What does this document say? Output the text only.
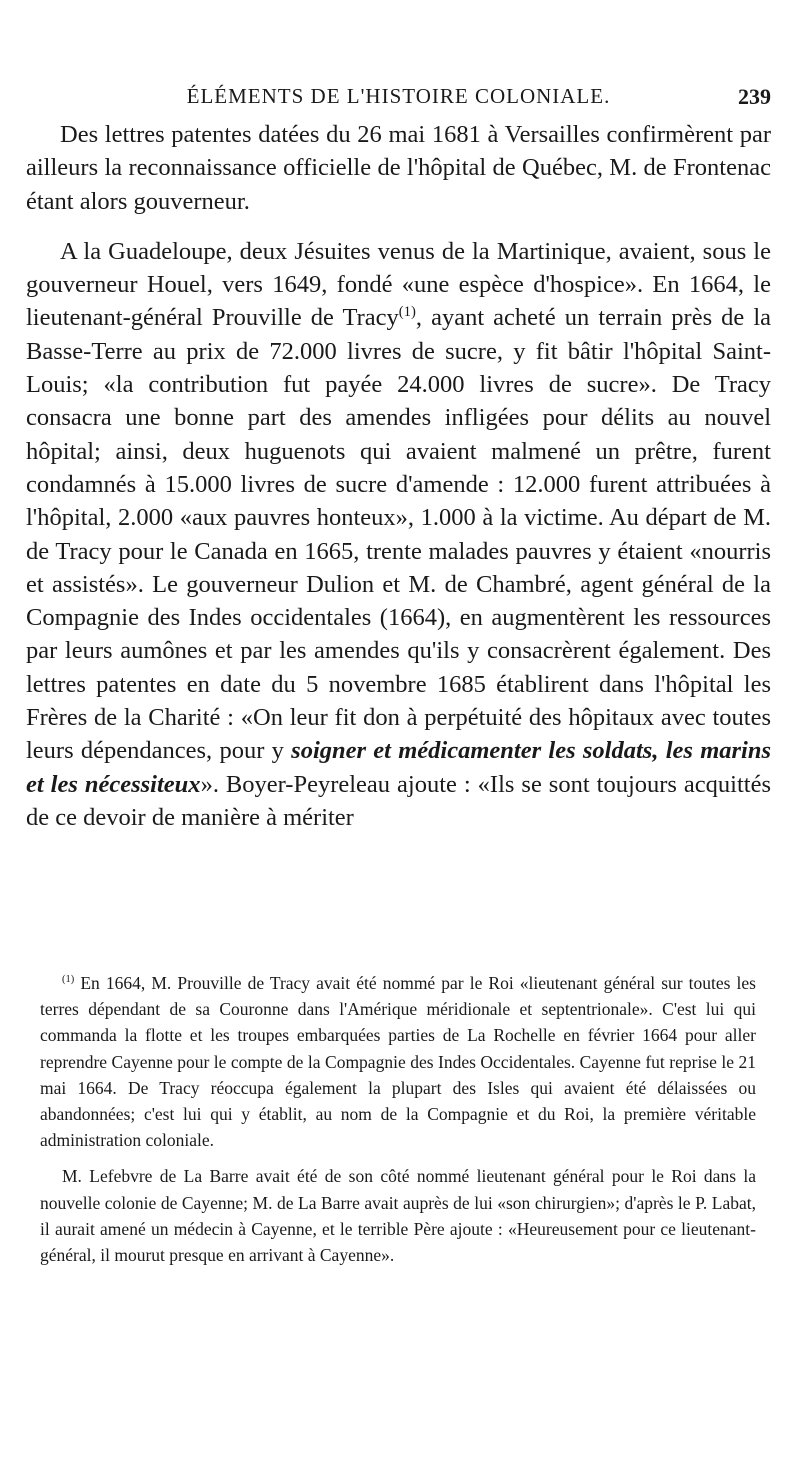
ÉLÉMENTS DE L'HISTOIRE COLONIALE.	239

Des lettres patentes datées du 26 mai 1681 à Versailles confirmèrent par ailleurs la reconnaissance officielle de l'hôpital de Québec, M. de Frontenac étant alors gouverneur.

A la Guadeloupe, deux Jésuites venus de la Martinique, avaient, sous le gouverneur Houel, vers 1649, fondé «une espèce d'hospice». En 1664, le lieutenant-général Prouville de Tracy$^{(1)}$, ayant acheté un terrain près de la Basse-Terre au prix de 72.000 livres de sucre, y fit bâtir l'hôpital Saint-Louis; «la contribution fut payée 24.000 livres de sucre». De Tracy consacra une bonne part des amendes infligées pour délits au nouvel hôpital; ainsi, deux huguenots qui avaient malmené un prêtre, furent condamnés à 15.000 livres de sucre d'amende : 12.000 furent attribuées à l'hôpital, 2.000 «aux pauvres honteux», 1.000 à la victime. Au départ de M. de Tracy pour le Canada en 1665, trente malades pauvres y étaient «nourris et assistés». Le gouverneur Dulion et M. de Chambré, agent général de la Compagnie des Indes occidentales (1664), en augmentèrent les ressources par leurs aumônes et par les amendes qu'ils y consacrèrent également. Des lettres patentes en date du 5 novembre 1685 établirent dans l'hôpital les Frères de la Charité : «On leur fit don à perpétuité des hôpitaux avec toutes leurs dépendances, pour y soigner et médicamenter les soldats, les marins et les nécessiteux». Boyer-Peyreleau ajoute : «Ils se sont toujours acquittés de ce devoir de manière à mériter

$^{(1)}$ En 1664, M. Prouville de Tracy avait été nommé par le Roi «lieutenant général sur toutes les terres dépendant de sa Couronne dans l'Amérique méridionale et septentrionale». C'est lui qui commanda la flotte et les troupes embarquées parties de La Rochelle en février 1664 pour aller reprendre Cayenne pour le compte de la Compagnie des Indes Occidentales. Cayenne fut reprise le 21 mai 1664. De Tracy réoccupa également la plupart des Isles qui avaient été délaissées ou abandonnées; c'est lui qui y établit, au nom de la Compagnie et du Roi, la première véritable administration coloniale.

M. Lefebvre de La Barre avait été de son côté nommé lieutenant général pour le Roi dans la nouvelle colonie de Cayenne; M. de La Barre avait auprès de lui «son chirurgien»; d'après le P. Labat, il aurait amené un médecin à Cayenne, et le terrible Père ajoute : «Heureusement pour ce lieutenant-général, il mourut presque en arrivant à Cayenne».
